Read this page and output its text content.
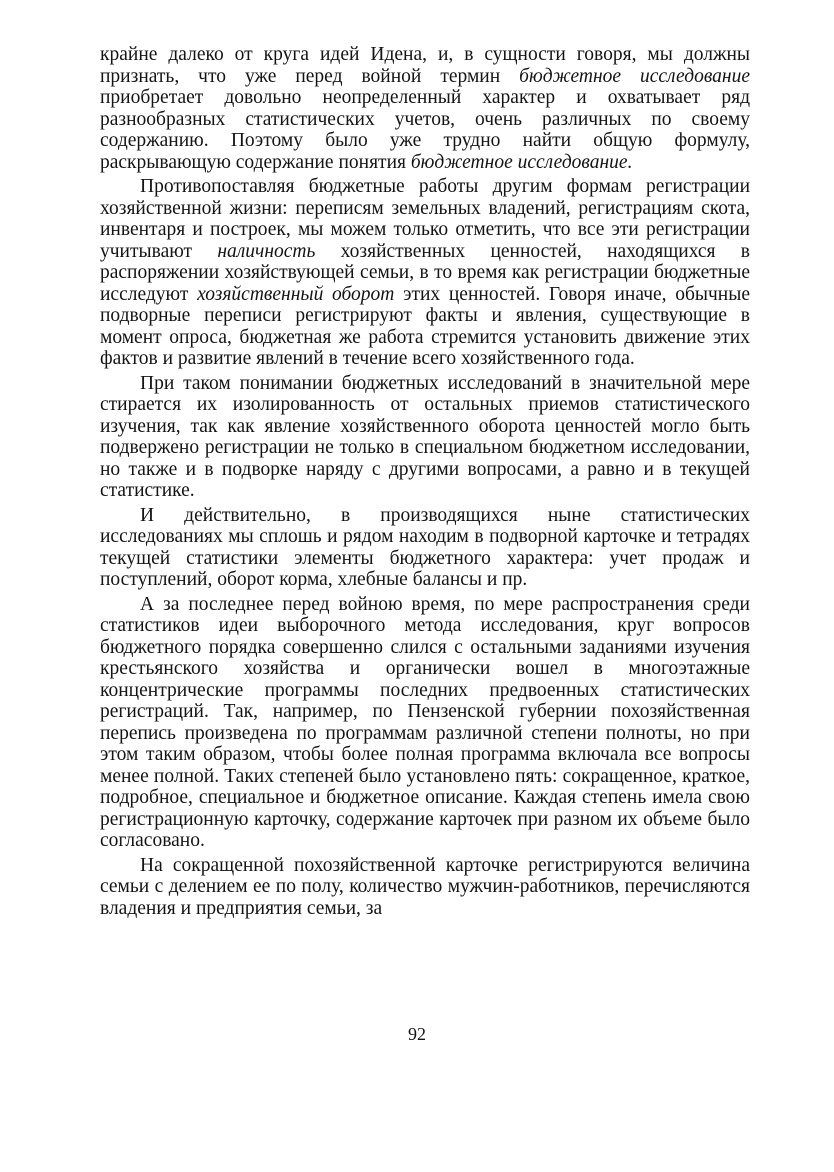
крайне далеко от круга идей Идена, и, в сущности говоря, мы должны признать, что уже перед войной термин бюджетное исследование приобретает довольно неопределенный характер и охватывает ряд разнообразных статистических учетов, очень различных по своему содержанию. Поэтому было уже трудно найти общую формулу, раскрывающую содержание понятия бюджетное исследование.

Противопоставляя бюджетные работы другим формам регистрации хозяйственной жизни: переписям земельных владений, регистрациям скота, инвентаря и построек, мы можем только отметить, что все эти регистрации учитывают наличность хозяйственных ценностей, находящихся в распоряжении хозяйствующей семьи, в то время как регистрации бюджетные исследуют хозяйственный оборот этих ценностей. Говоря иначе, обычные подворные переписи регистрируют факты и явления, существующие в момент опроса, бюджетная же работа стремится установить движение этих фактов и развитие явлений в течение всего хозяйственного года.

При таком понимании бюджетных исследований в значительной мере стирается их изолированность от остальных приемов статистического изучения, так как явление хозяйственного оборота ценностей могло быть подвержено регистрации не только в специальном бюджетном исследовании, но также и в подворке наряду с другими вопросами, а равно и в текущей статистике.

И действительно, в производящихся ныне статистических исследованиях мы сплошь и рядом находим в подворной карточке и тетрадях текущей статистики элементы бюджетного характера: учет продаж и поступлений, оборот корма, хлебные балансы и пр.

А за последнее перед войною время, по мере распространения среди статистиков идеи выборочного метода исследования, круг вопросов бюджетного порядка совершенно слился с остальными заданиями изучения крестьянского хозяйства и органически вошел в многоэтажные концентрические программы последних предвоенных статистических регистраций. Так, например, по Пензенской губернии похозяйственная перепись произведена по программам различной степени полноты, но при этом таким образом, чтобы более полная программа включала все вопросы менее полной. Таких степеней было установлено пять: сокращенное, краткое, подробное, специальное и бюджетное описание. Каждая степень имела свою регистрационную карточку, содержание карточек при разном их объеме было согласовано.

На сокращенной похозяйственной карточке регистрируются величина семьи с делением ее по полу, количество мужчин-работников, перечисляются владения и предприятия семьи, за

92
